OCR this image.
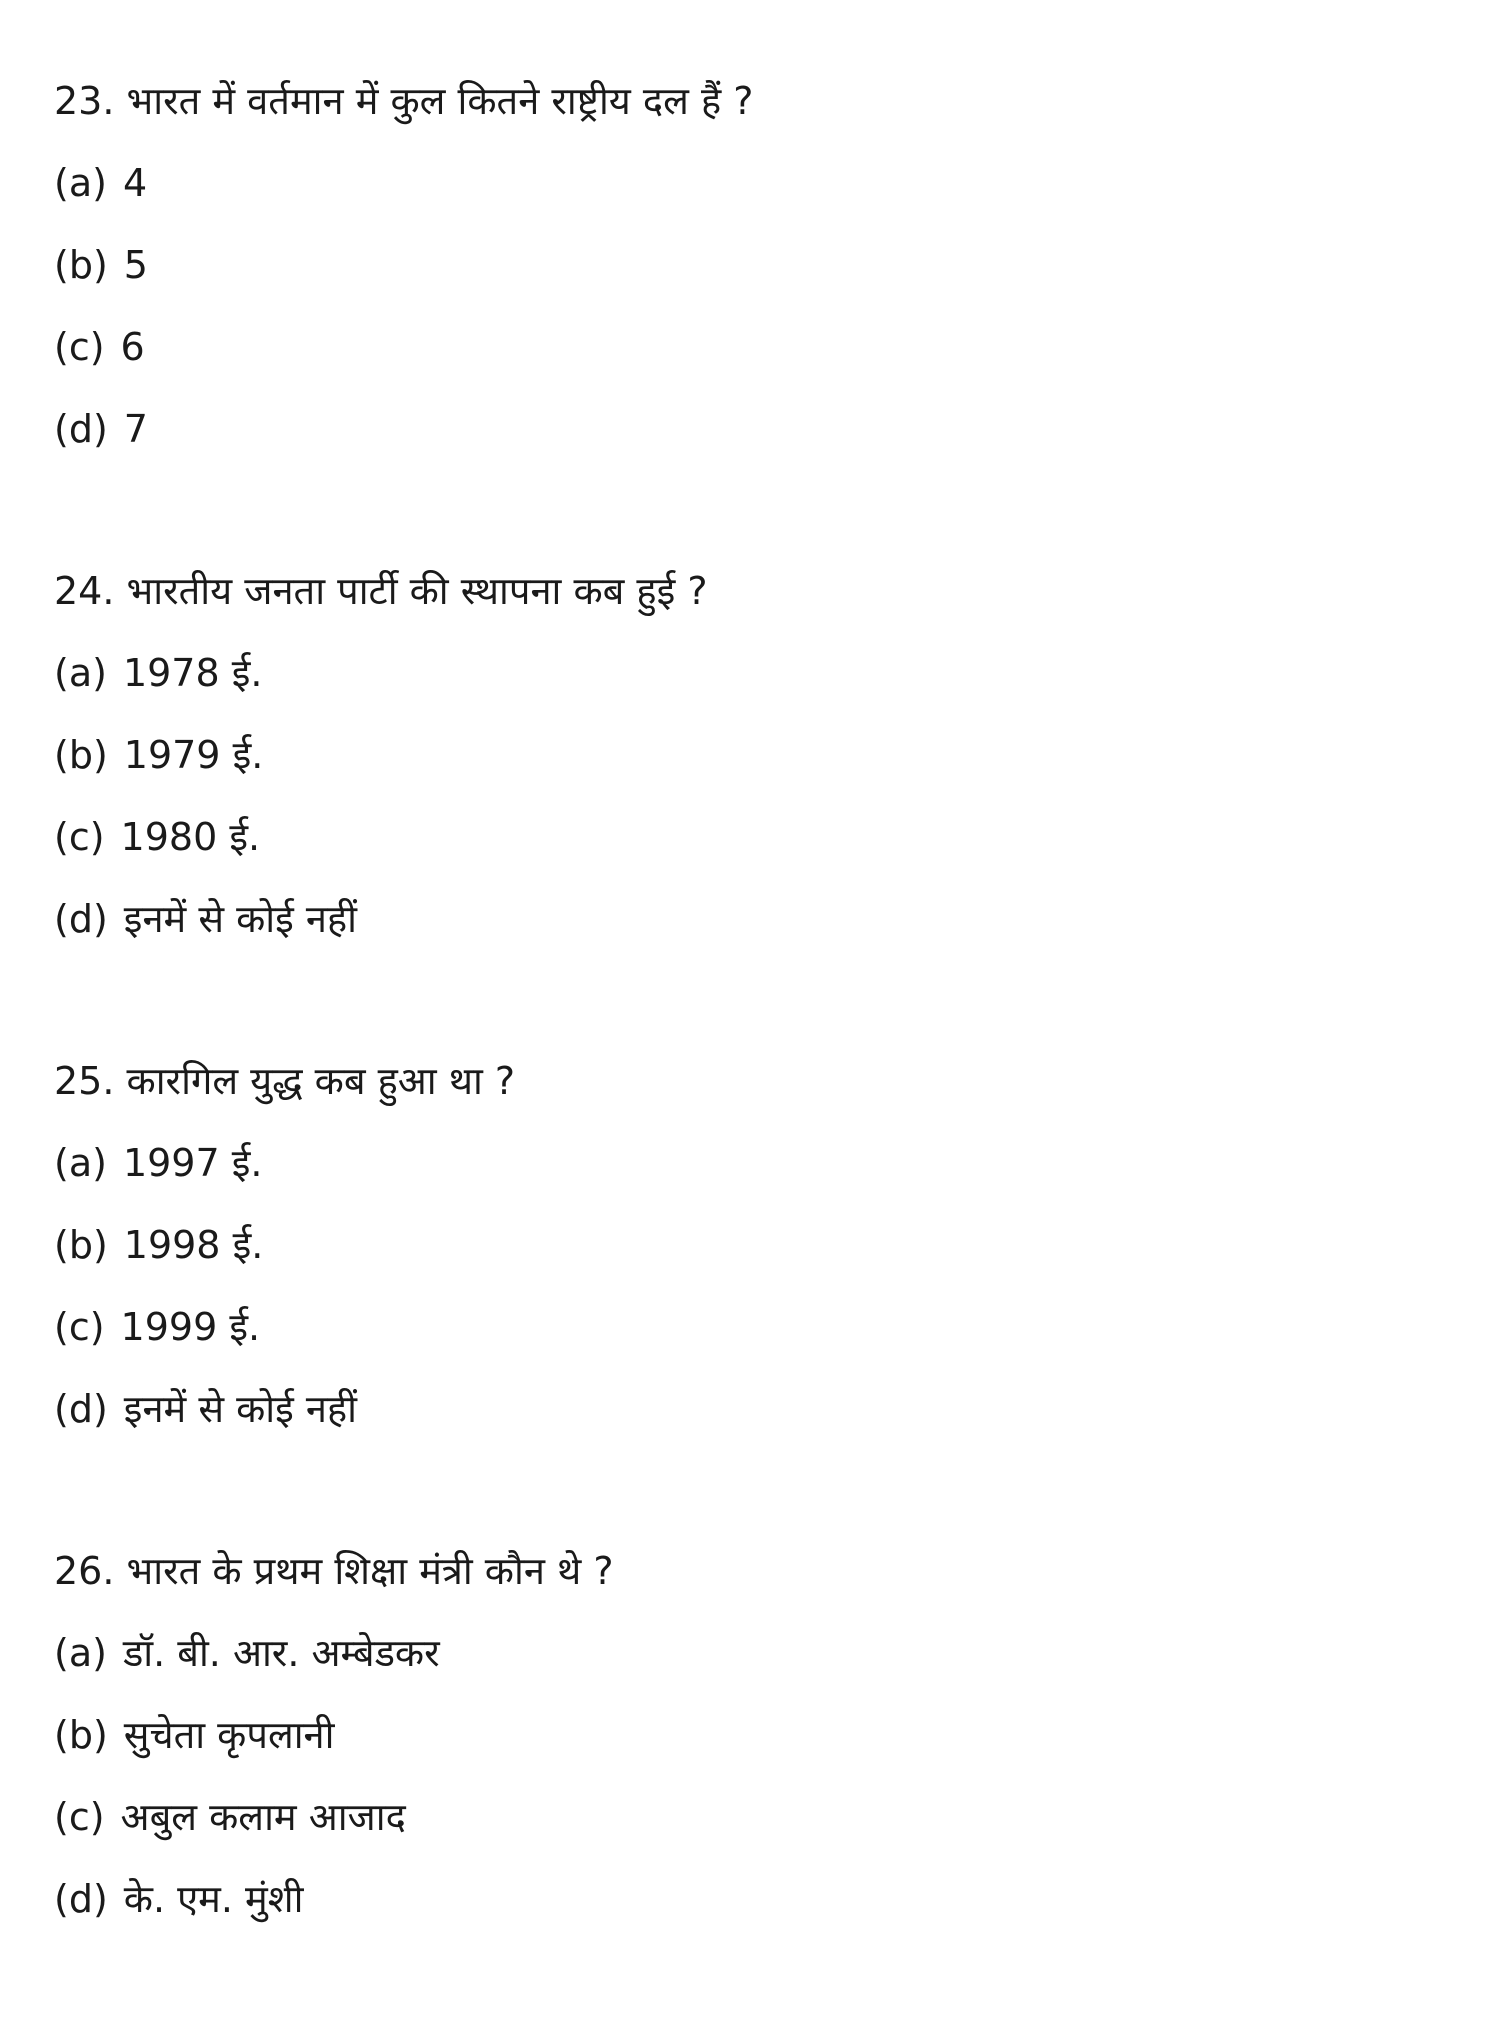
23. भारत में वर्तमान में कुल कितने राष्ट्रीय दल हैं ?
(a) 4
(b) 5
(c) 6
(d) 7
24. भारतीय जनता पार्टी की स्थापना कब हुई ?
(a) 1978 ई.
(b) 1979 ई.
(c) 1980 ई.
(d) इनमें से कोई नहीं
25. कारगिल युद्ध कब हुआ था ?
(a) 1997 ई.
(b) 1998 ई.
(c) 1999 ई.
(d) इनमें से कोई नहीं
26. भारत के प्रथम शिक्षा मंत्री कौन थे ?
(a) डॉ. बी. आर. अम्बेडकर
(b) सुचेता कृपलानी
(c) अबुल कलाम आजाद
(d) के. एम. मुंशी
